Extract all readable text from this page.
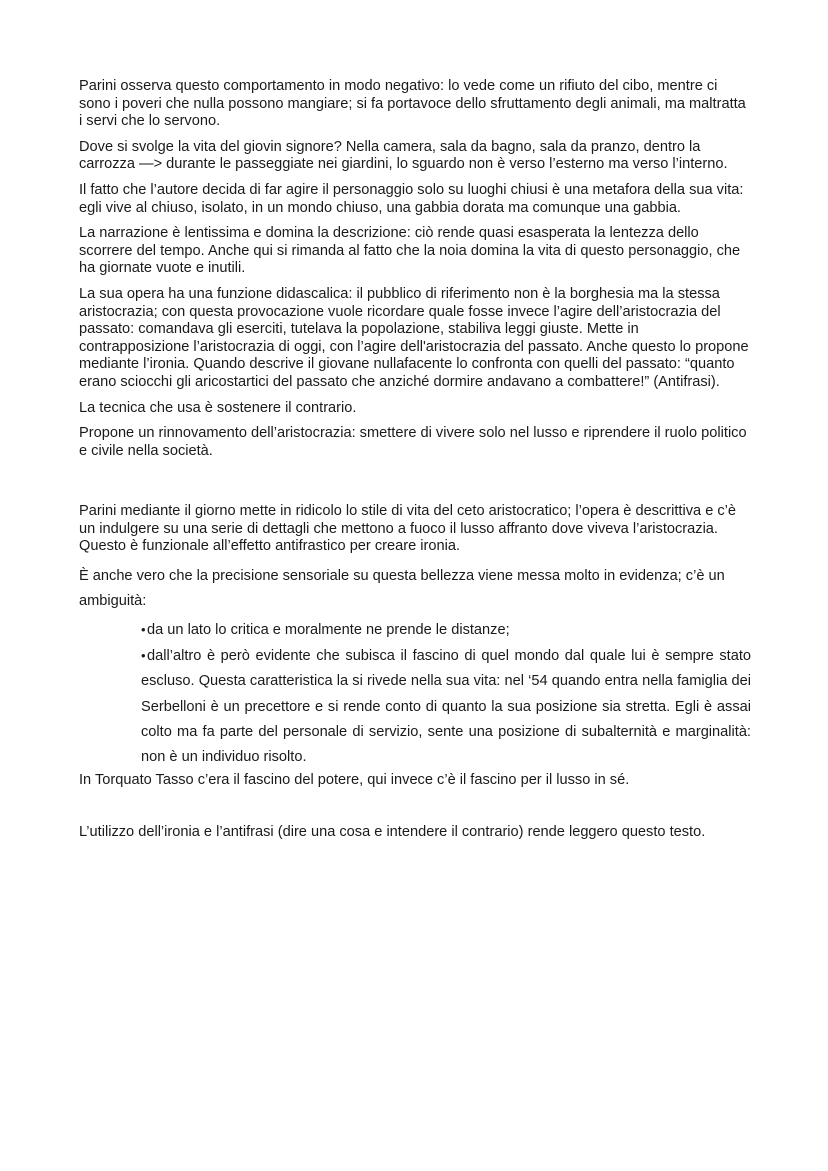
Parini osserva questo comportamento in modo negativo: lo vede come un rifiuto del cibo, mentre ci sono i poveri che nulla possono mangiare; si fa portavoce dello sfruttamento degli animali, ma maltratta i servi che lo servono.

Dove si svolge la vita del giovin signore? Nella camera, sala da bagno, sala da pranzo, dentro la carrozza —> durante le passeggiate nei giardini, lo sguardo non è verso l’esterno ma verso l’interno.

Il fatto che l’autore decida di far agire il personaggio solo su luoghi chiusi è una metafora della sua vita: egli vive al chiuso, isolato, in un mondo chiuso, una gabbia dorata ma comunque una gabbia.

La narrazione è lentissima e domina la descrizione: ciò rende quasi esasperata la lentezza dello scorrere del tempo. Anche qui si rimanda al fatto che la noia domina la vita di questo personaggio, che ha giornate vuote e inutili.

La sua opera ha una funzione didascalica: il pubblico di riferimento non è la borghesia ma la stessa aristocrazia; con questa provocazione vuole ricordare quale fosse invece l’agire dell’aristocrazia del passato: comandava gli eserciti, tutelava la popolazione, stabiliva leggi giuste. Mette in contrapposizione l’aristocrazia di oggi, con l’agire dell'aristocrazia del passato. Anche questo lo propone mediante l’ironia. Quando descrive il giovane nullafacente lo confronta con quelli del passato: “quanto erano sciocchi gli aricostartici del passato che anziché dormire andavano a combattere!” (Antifrasi).

La tecnica che usa è sostenere il contrario.

Propone un rinnovamento dell’aristocrazia: smettere di vivere solo nel lusso e riprendere il ruolo politico e civile nella società.

Parini mediante il giorno mette in ridicolo lo stile di vita del ceto aristocratico; l’opera è descrittiva e c’è un indulgere su una serie di dettagli che mettono a fuoco il lusso affranto dove viveva l’aristocrazia. Questo è funzionale all’effetto antifrastico per creare ironia.

È anche vero che la precisione sensoriale su questa bellezza viene messa molto in evidenza; c’è un ambiguità:

•da un lato lo critica e moralmente ne prende le distanze;
•dall’altro è però evidente che subisca il fascino di quel mondo dal quale lui è sempre stato escluso. Questa caratteristica la si rivede nella sua vita: nel ‘54 quando entra nella famiglia dei Serbelloni è un precettore e si rende conto di quanto la sua posizione sia stretta. Egli è assai colto ma fa parte del personale di servizio, sente una posizione di subalternità e marginalità: non è un individuo risolto.

In Torquato Tasso c’era il fascino del potere, qui invece c’è il fascino per il lusso in sé.

L’utilizzo dell’ironia e l’antifrasi (dire una cosa e intendere il contrario) rende leggero questo testo.
